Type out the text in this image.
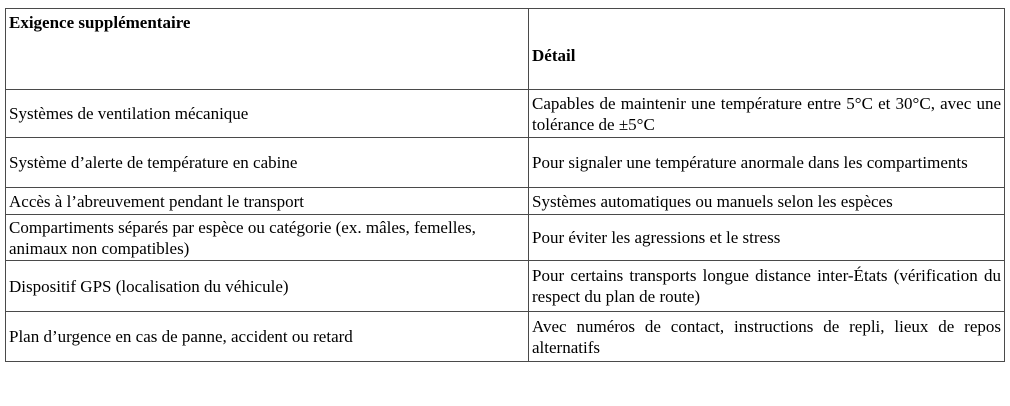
Exigence supplémentaire	Détail
Systèmes de ventilation mécanique	Capables de maintenir une température entre 5°C et 30°C, avec une tolérance de ±5°C
Système d’alerte de température en cabine	Pour signaler une température anormale dans les compartiments
Accès à l’abreuvement pendant le transport	Systèmes automatiques ou manuels selon les espèces
Compartiments séparés par espèce ou catégorie (ex. mâles, femelles, animaux non compatibles)	Pour éviter les agressions et le stress
Dispositif GPS (localisation du véhicule)	Pour certains transports longue distance inter-États (vérification du respect du plan de route)
Plan d’urgence en cas de panne, accident ou retard	Avec numéros de contact, instructions de repli, lieux de repos alternatifs
